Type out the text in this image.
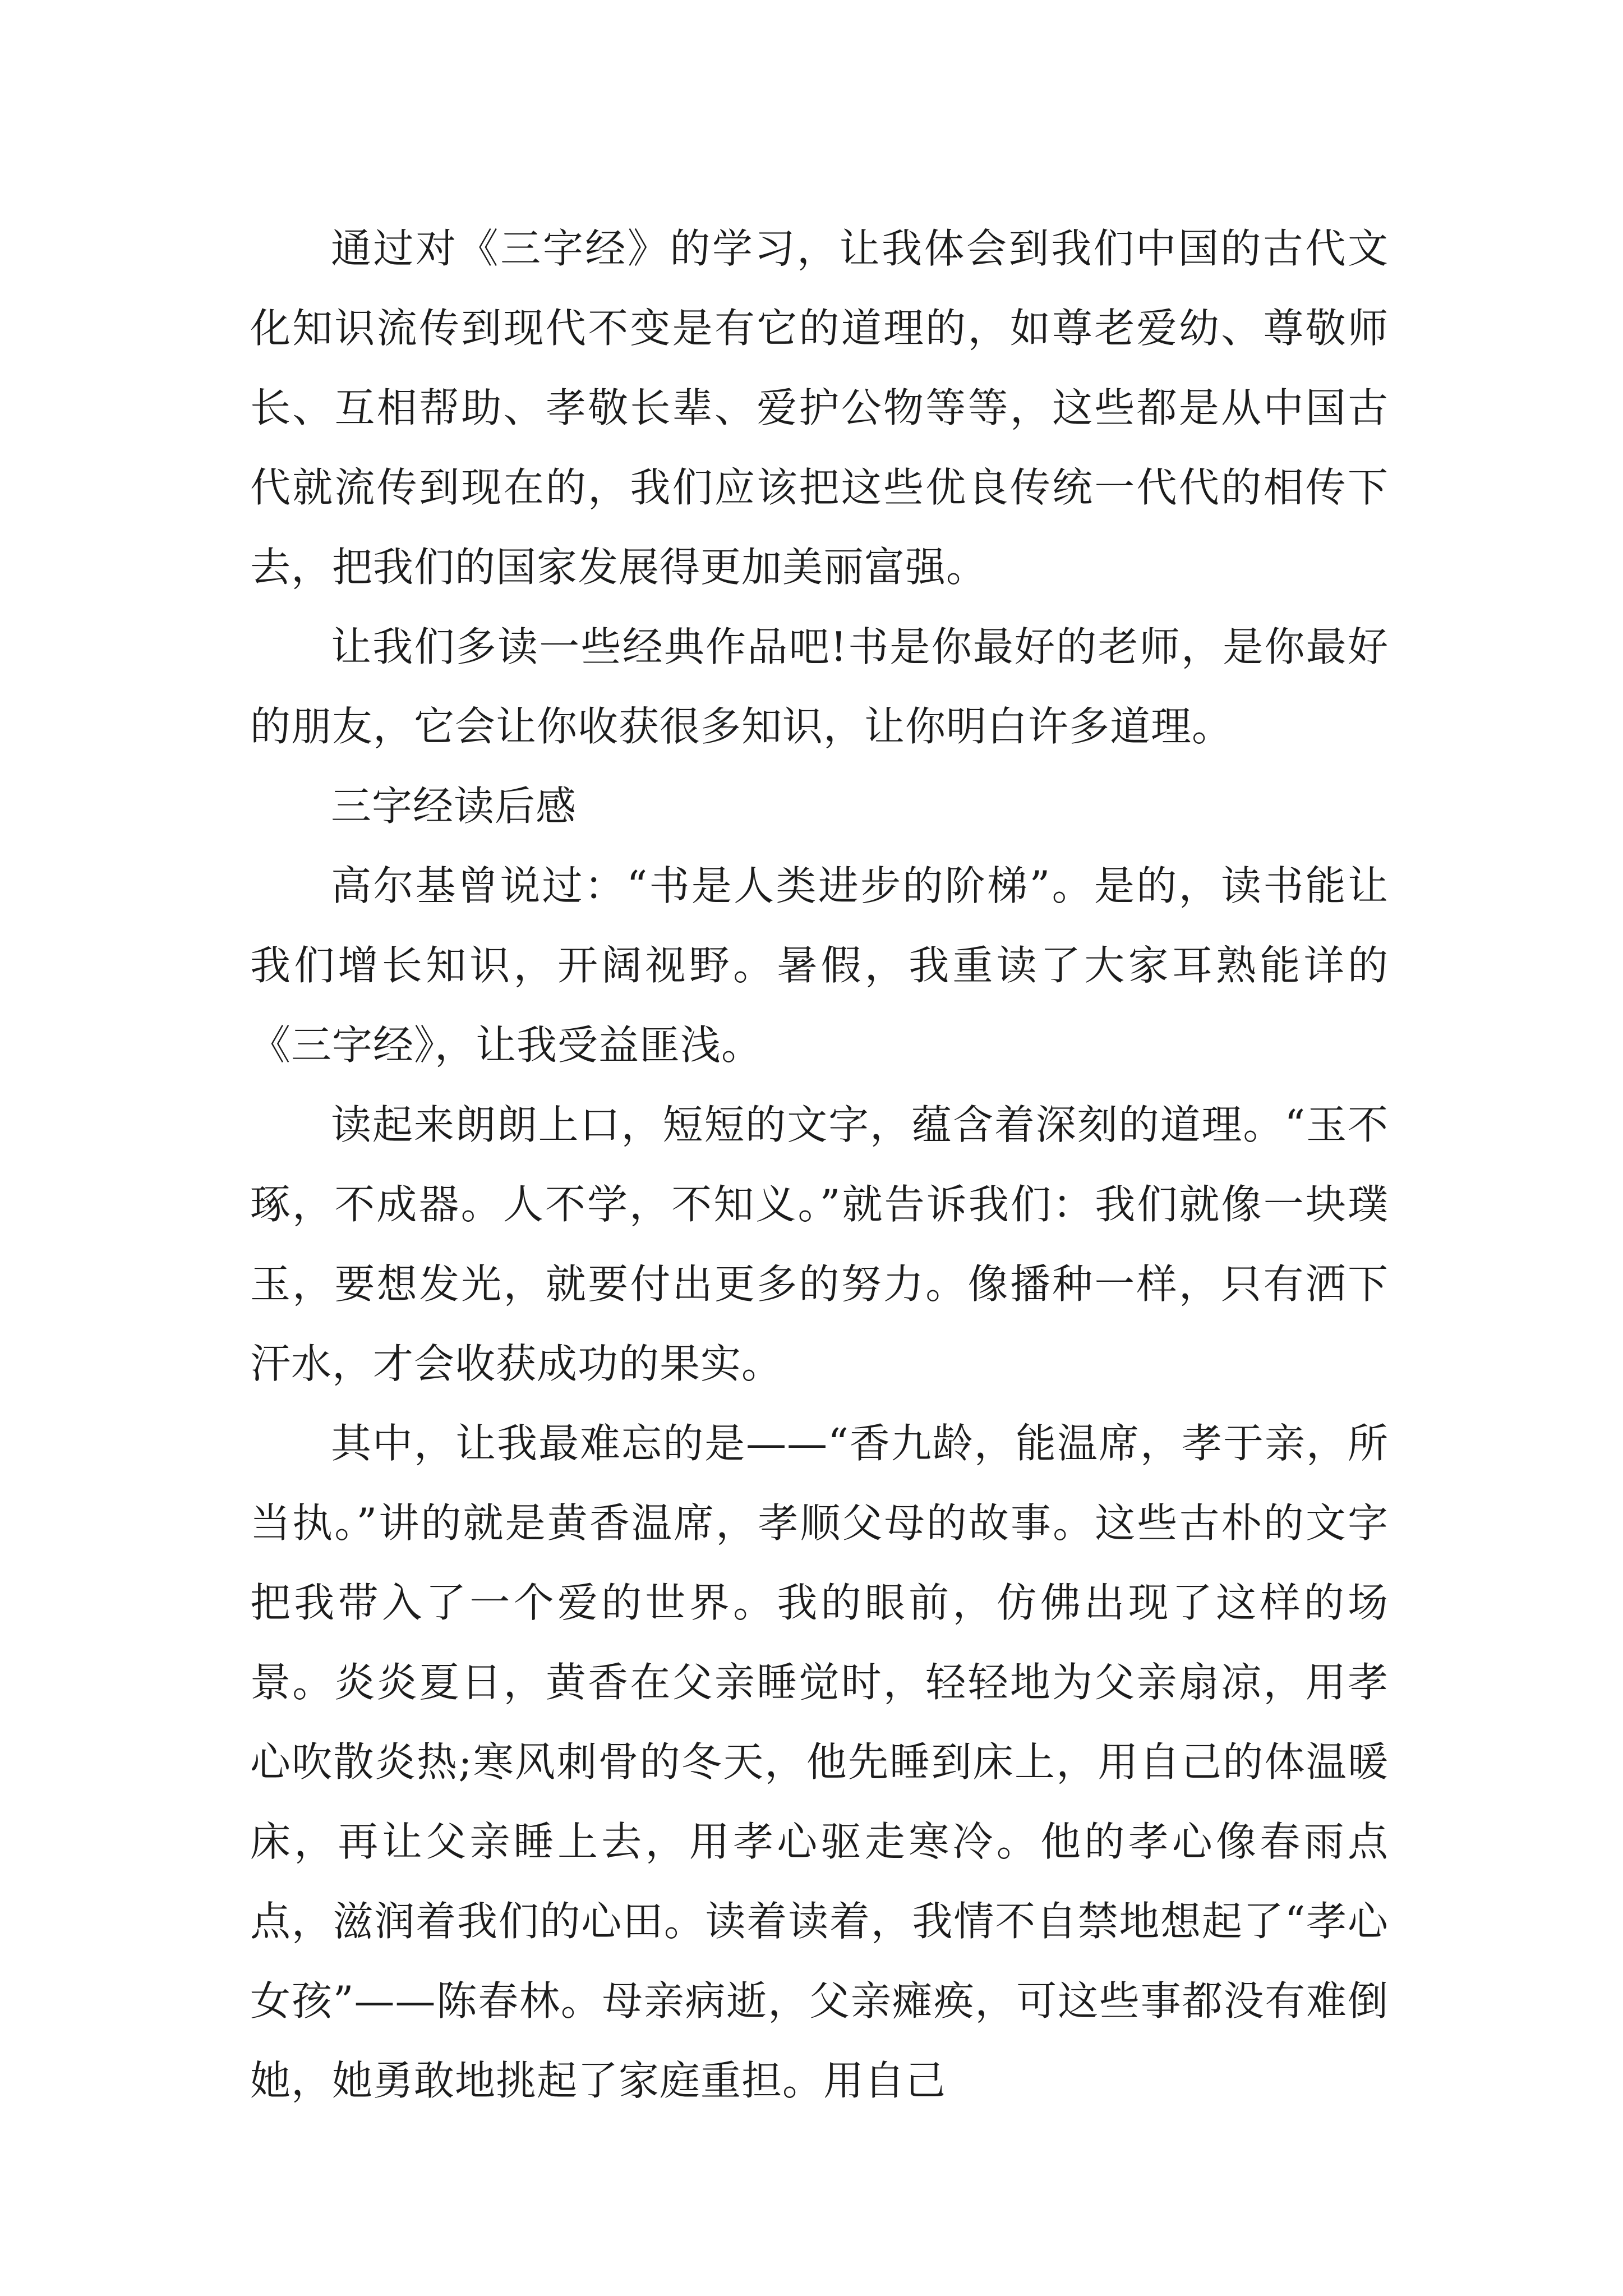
通过对《三字经》的学习，让我体会到我们中国的古代文化知识流传到现代不变是有它的道理的，如尊老爱幼、尊敬师长、互相帮助、孝敬长辈、爱护公物等等，这些都是从中国古代就流传到现在的，我们应该把这些优良传统一代代的相传下去，把我们的国家发展得更加美丽富强。

让我们多读一些经典作品吧!书是你最好的老师，是你最好的朋友，它会让你收获很多知识，让你明白许多道理。

三字经读后感

高尔基曾说过：“书是人类进步的阶梯”。是的，读书能让我们增长知识，开阔视野。暑假，我重读了大家耳熟能详的《三字经》，让我受益匪浅。

读起来朗朗上口，短短的文字，蕴含着深刻的道理。“玉不琢，不成器。人不学，不知义。”就告诉我们：我们就像一块璞玉，要想发光，就要付出更多的努力。像播种一样，只有洒下汗水，才会收获成功的果实。

其中，让我最难忘的是——“香九龄，能温席，孝于亲，所当执。”讲的就是黄香温席，孝顺父母的故事。这些古朴的文字把我带入了一个爱的世界。我的眼前，仿佛出现了这样的场景。炎炎夏日，黄香在父亲睡觉时，轻轻地为父亲扇凉，用孝心吹散炎热;寒风刺骨的冬天，他先睡到床上，用自己的体温暖床，再让父亲睡上去，用孝心驱走寒冷。他的孝心像春雨点点，滋润着我们的心田。读着读着，我情不自禁地想起了“孝心女孩”——陈春林。母亲病逝，父亲瘫痪，可这些事都没有难倒她，她勇敢地挑起了家庭重担。用自己
